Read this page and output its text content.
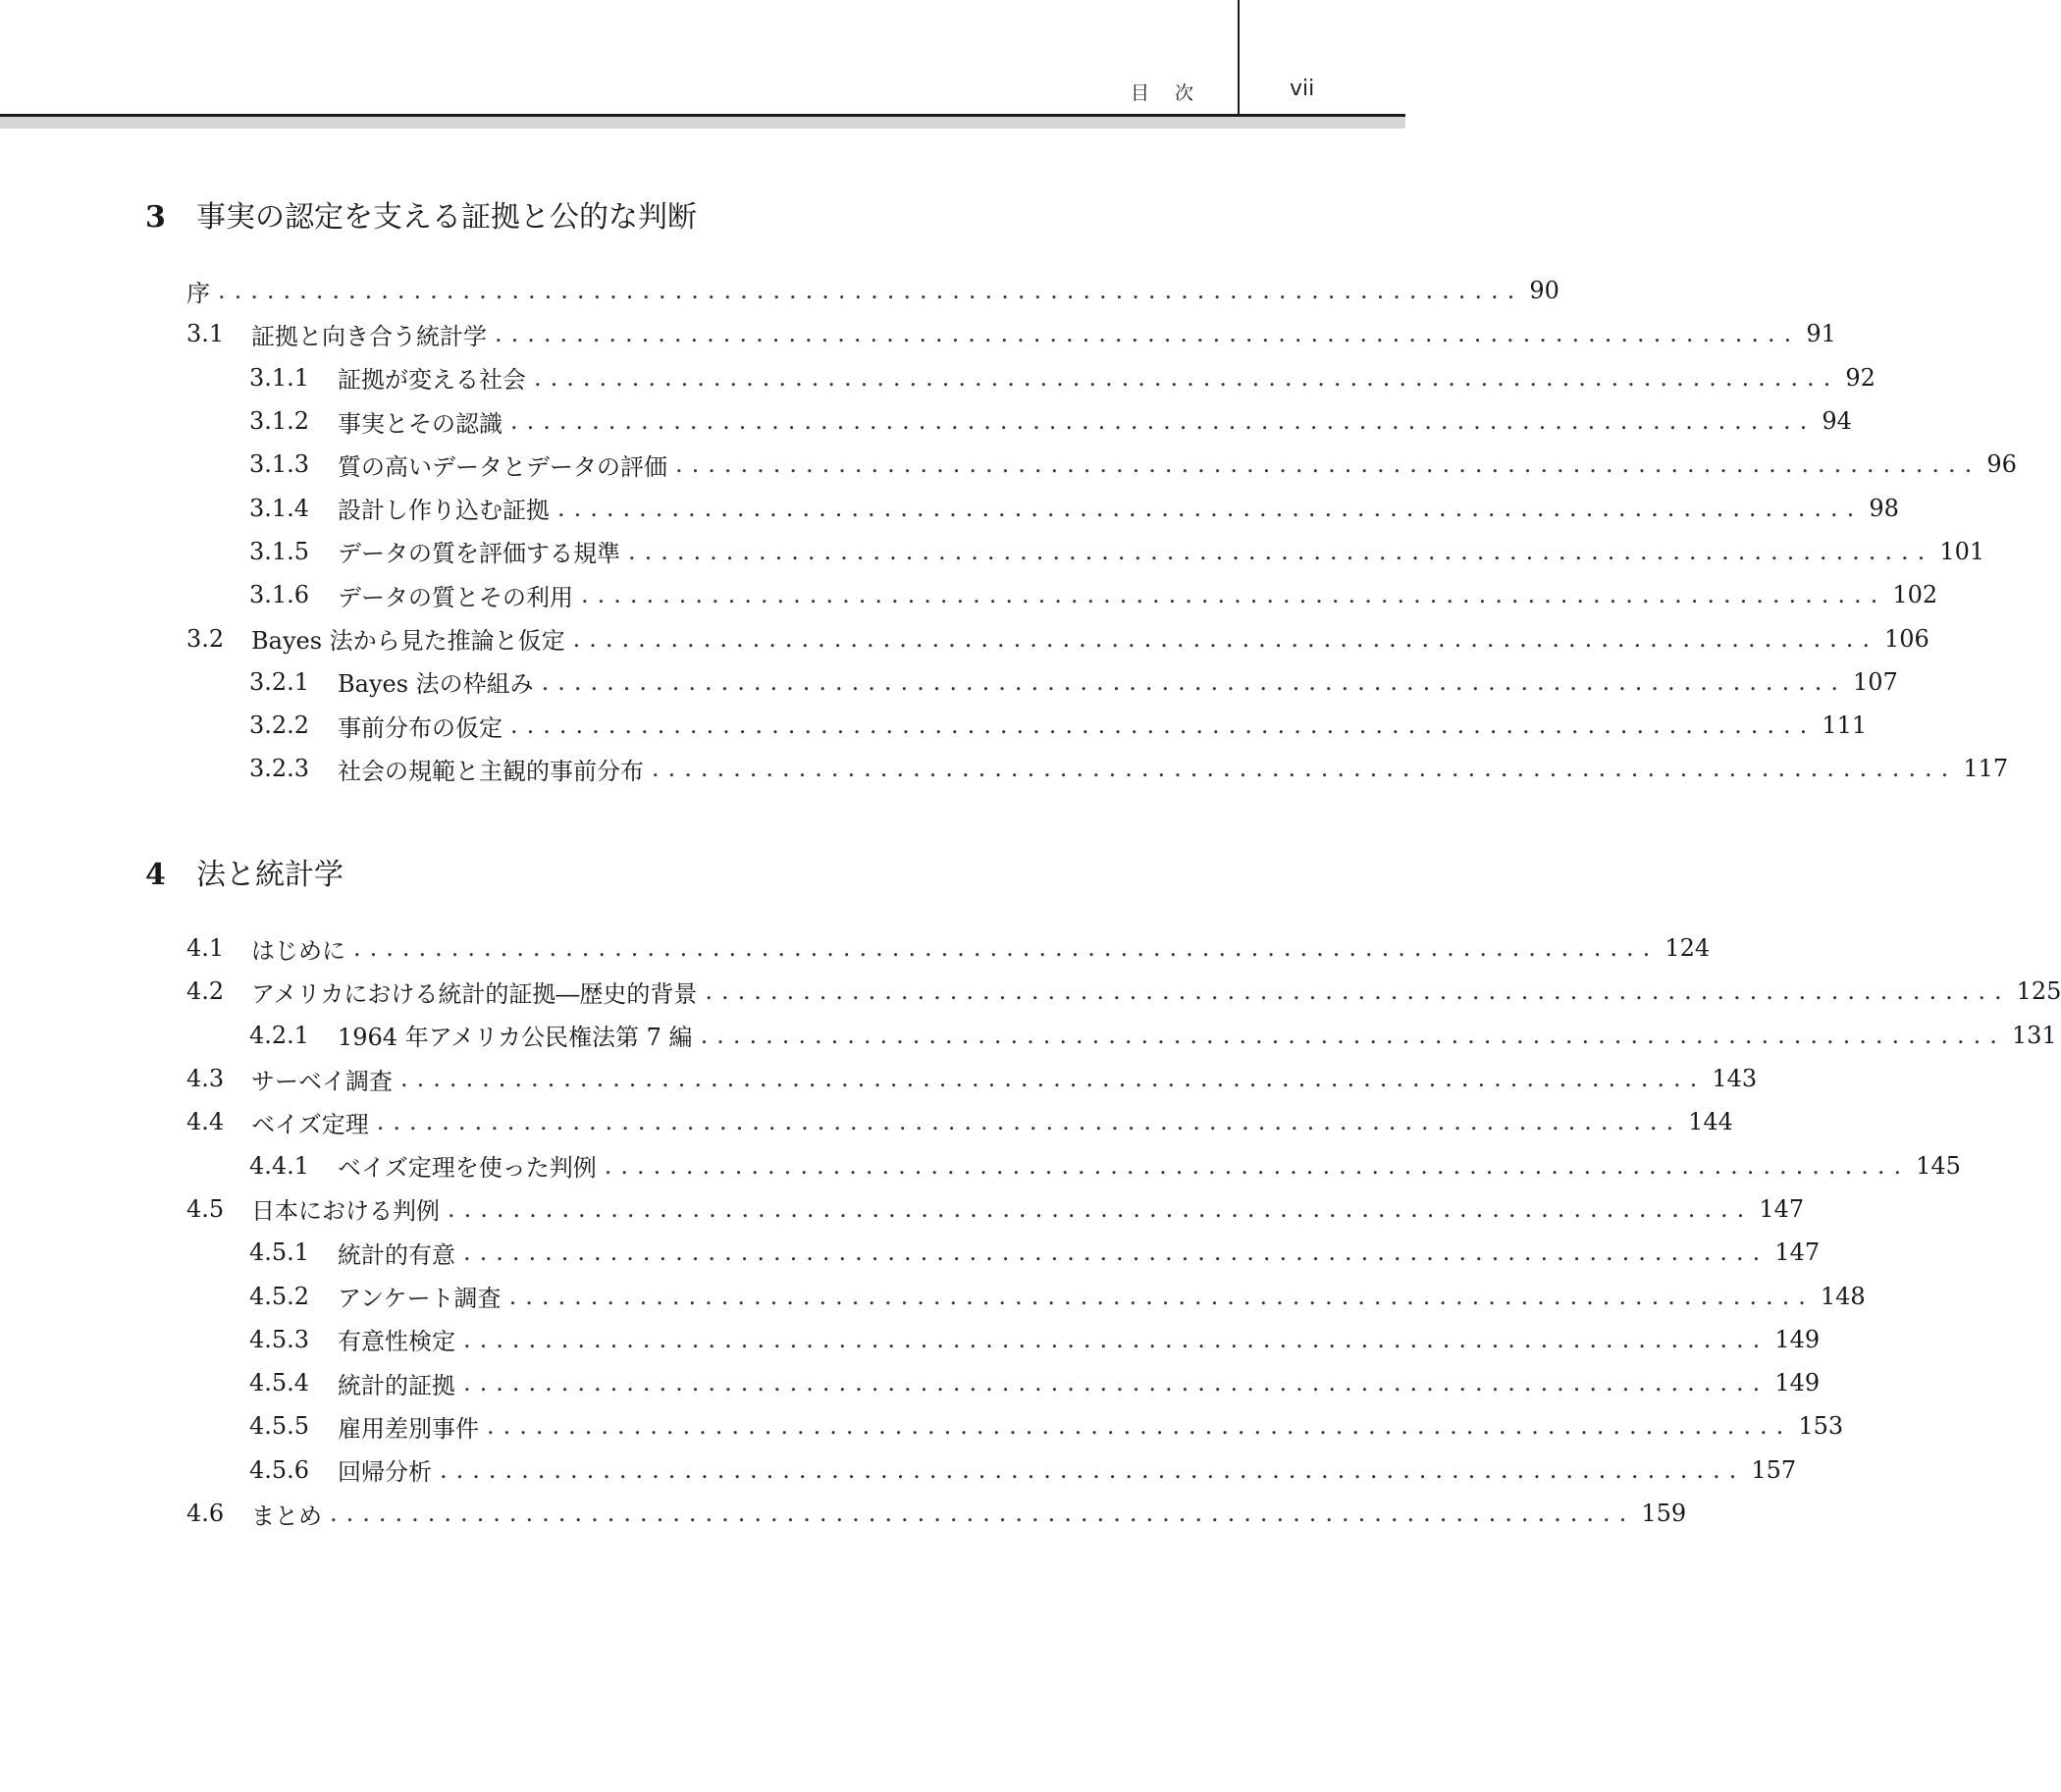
目 次	vii
3	事実の認定を支える証拠と公的な判断
序 ................................................................................ 90
3.1	証拠と向き合う統計学 ................................................................................ 91
3.1.1	証拠が変える社会 ................................................................................ 92
3.1.2	事実とその認識 ................................................................................ 94
3.1.3	質の高いデータとデータの評価 ................................................................................ 96
3.1.4	設計し作り込む証拠 ................................................................................ 98
3.1.5	データの質を評価する規準 ................................................................................ 101
3.1.6	データの質とその利用 ................................................................................ 102
3.2	Bayes 法から見た推論と仮定 ................................................................................ 106
3.2.1	Bayes 法の枠組み ................................................................................ 107
3.2.2	事前分布の仮定 ................................................................................ 111
3.2.3	社会の規範と主観的事前分布 ................................................................................ 117
4	法と統計学
4.1	はじめに ................................................................................ 124
4.2	アメリカにおける統計的証拠―歴史的背景 ................................................................................ 125
4.2.1	1964 年アメリカ公民権法第 7 編 ................................................................................ 131
4.3	サーベイ調査 ................................................................................ 143
4.4	ベイズ定理 ................................................................................ 144
4.4.1	ベイズ定理を使った判例 ................................................................................ 145
4.5	日本における判例 ................................................................................ 147
4.5.1	統計的有意 ................................................................................ 147
4.5.2	アンケート調査 ................................................................................ 148
4.5.3	有意性検定 ................................................................................ 149
4.5.4	統計的証拠 ................................................................................ 149
4.5.5	雇用差別事件 ................................................................................ 153
4.5.6	回帰分析 ................................................................................ 157
4.6	まとめ ................................................................................ 159
